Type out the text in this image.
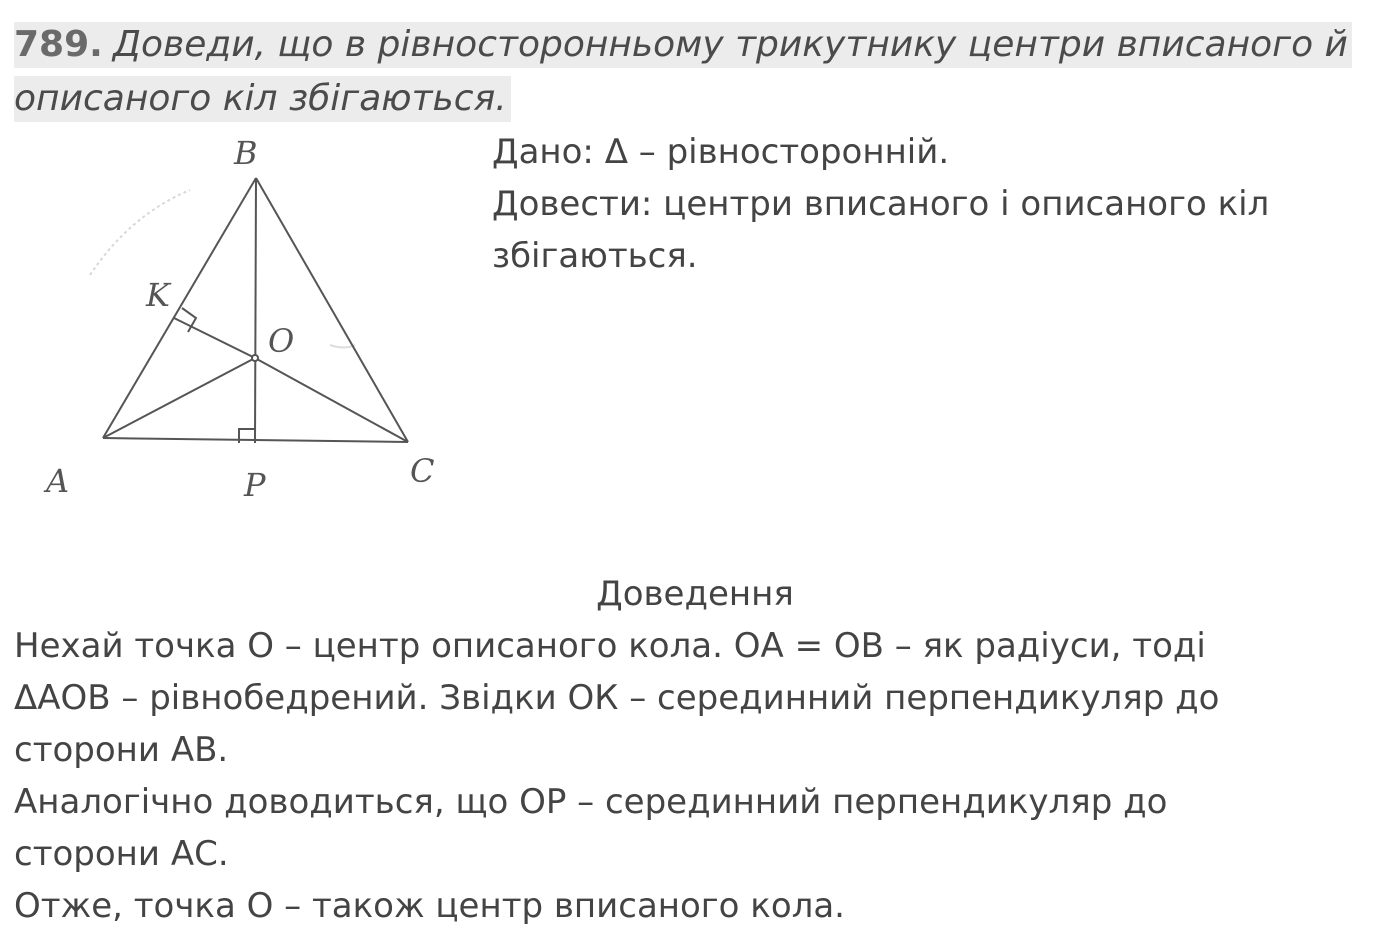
789. Доведи, що в рівносторонньому трикутнику центри вписаного й
описаного кіл збігаються.
Дано: Δ – рівносторонній.
Довести: центри вписаного і описаного кіл
збігаються.
B
K
O
A	P	C
Доведення
Нехай точка О – центр описаного кола. ОА = ОВ – як радіуси, тоді
ΔАОВ – рівнобедрений. Звідки ОК – серединний перпендикуляр до
сторони АВ.
Аналогічно доводиться, що ОР – серединний перпендикуляр до
сторони АС.
Отже, точка О – також центр вписаного кола.
